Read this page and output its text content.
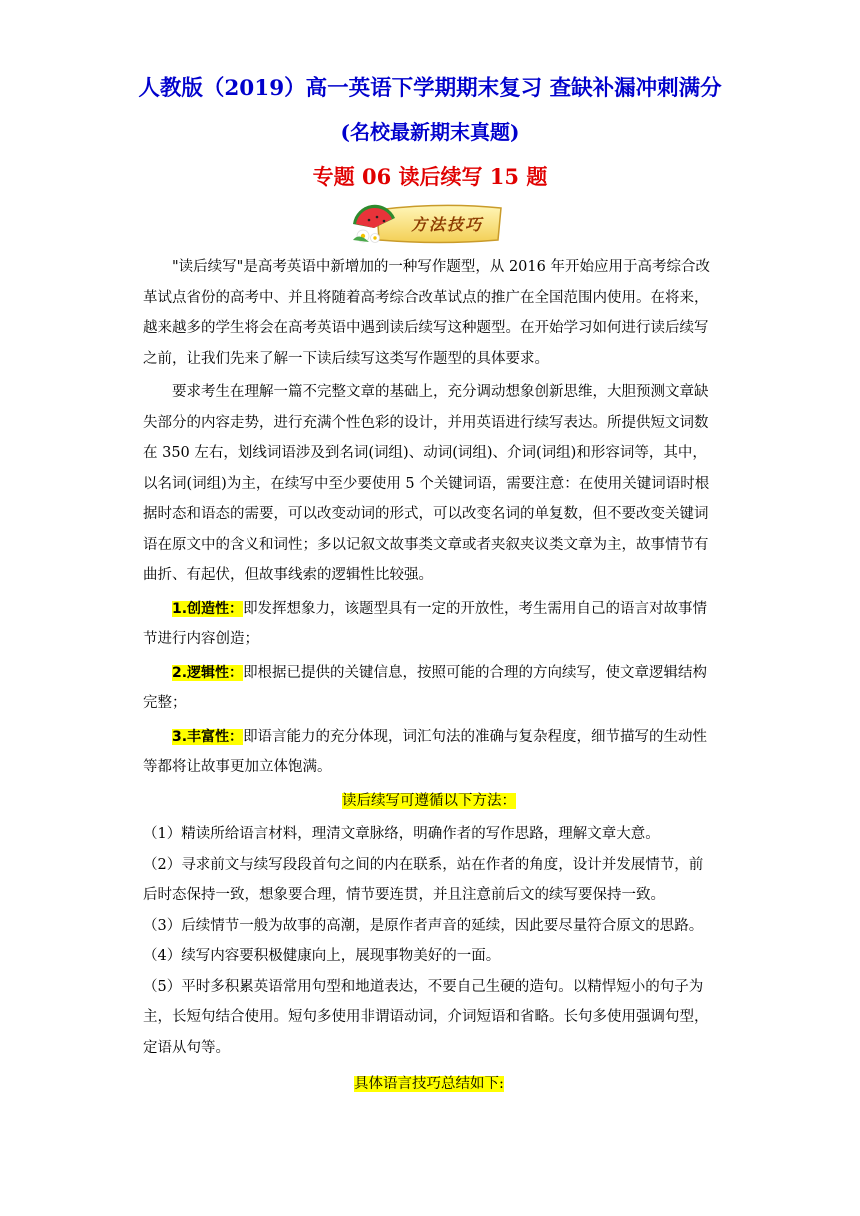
人教版（2019）高一英语下学期期末复习 查缺补漏冲刺满分
(名校最新期末真题)
专题 06 读后续写 15 题
方法技巧

"读后续写"是高考英语中新增加的一种写作题型，从 2016 年开始应用于高考综合改革试点省份的高考中、并且将随着高考综合改革试点的推广在全国范围内使用。在将来，越来越多的学生将会在高考英语中遇到读后续写这种题型。在开始学习如何进行读后续写之前，让我们先来了解一下读后续写这类写作题型的具体要求。

要求考生在理解一篇不完整文章的基础上，充分调动想象创新思维，大胆预测文章缺失部分的内容走势，进行充满个性色彩的设计，并用英语进行续写表达。所提供短文词数在 350 左右，划线词语涉及到名词(词组)、动词(词组)、介词(词组)和形容词等，其中，以名词(词组)为主，在续写中至少要使用 5 个关键词语，需要注意：在使用关键词语时根据时态和语态的需要，可以改变动词的形式，可以改变名词的单复数，但不要改变关键词语在原文中的含义和词性；多以记叙文故事类文章或者夹叙夹议类文章为主，故事情节有曲折、有起伏，但故事线索的逻辑性比较强。

1.创造性：即发挥想象力，该题型具有一定的开放性，考生需用自己的语言对故事情节进行内容创造；

2.逻辑性：即根据已提供的关键信息，按照可能的合理的方向续写，使文章逻辑结构完整；

3.丰富性：即语言能力的充分体现，词汇句法的准确与复杂程度，细节描写的生动性等都将让故事更加立体饱满。

读后续写可遵循以下方法：

（1）精读所给语言材料，理清文章脉络，明确作者的写作思路，理解文章大意。

（2）寻求前文与续写段段首句之间的内在联系，站在作者的角度，设计并发展情节，前后时态保持一致，想象要合理，情节要连贯，并且注意前后文的续写要保持一致。

（3）后续情节一般为故事的高潮，是原作者声音的延续，因此要尽量符合原文的思路。

（4）续写内容要积极健康向上，展现事物美好的一面。

（5）平时多积累英语常用句型和地道表达，不要自己生硬的造句。以精悍短小的句子为主，长短句结合使用。短句多使用非谓语动词，介词短语和省略。长句多使用强调句型，定语从句等。

具体语言技巧总结如下:
